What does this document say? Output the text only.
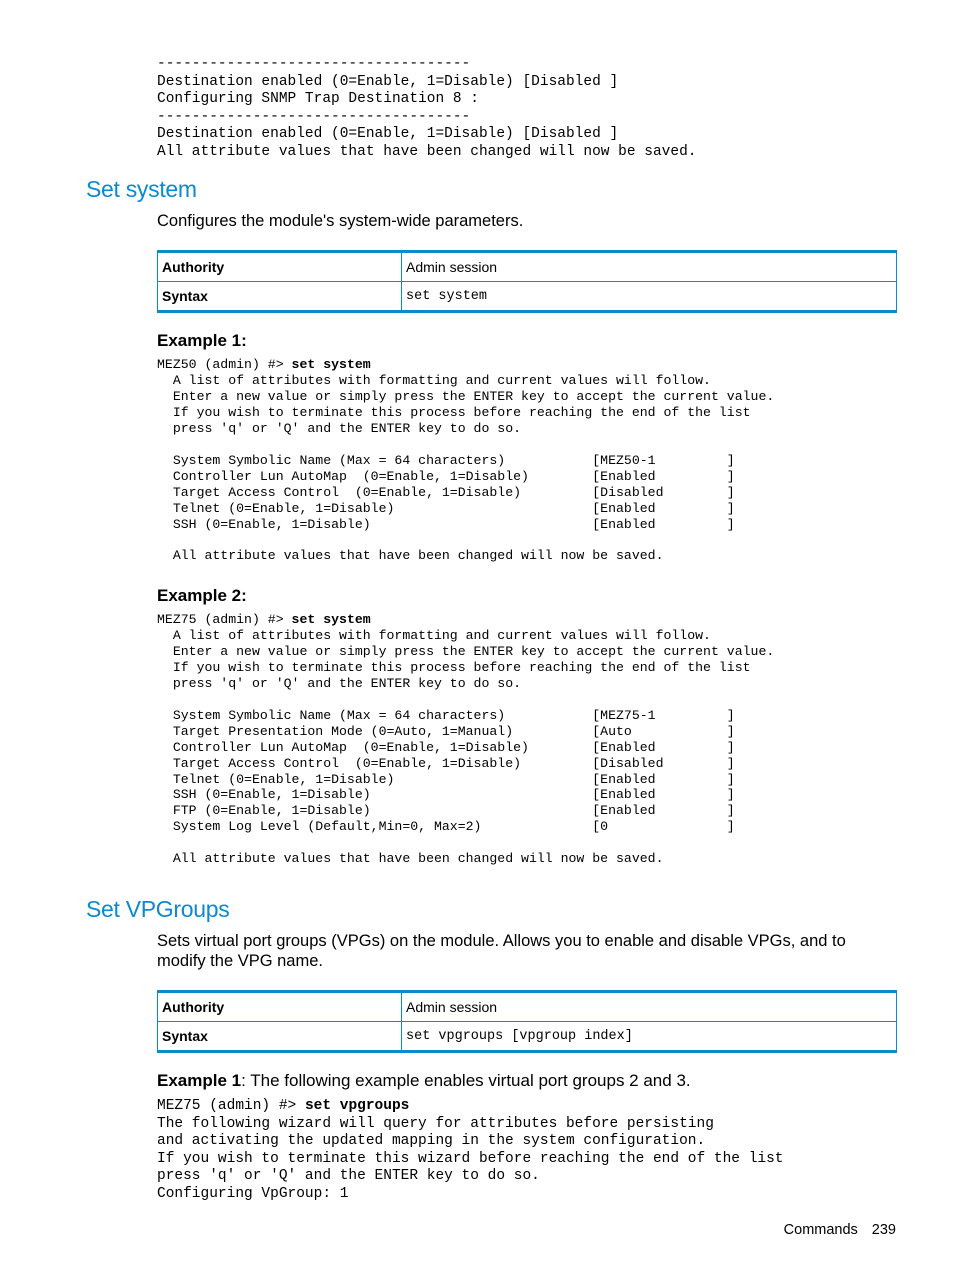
------------------------------------
Destination enabled (0=Enable, 1=Disable) [Disabled ]
Configuring SNMP Trap Destination 8 :
------------------------------------
Destination enabled (0=Enable, 1=Disable) [Disabled ]
All attribute values that have been changed will now be saved.
Set system

Configures the module's system-wide parameters.

Authority	Admin session
Syntax	set system

Example 1:

MEZ50 (admin) #> set system
A list of attributes with formatting and current values will follow.
Enter a new value or simply press the ENTER key to accept the current value.
If you wish to terminate this process before reaching the end of the list
press 'q' or 'Q' and the ENTER key to do so.

System Symbolic Name (Max = 64 characters)           [MEZ50-1         ]
Controller Lun AutoMap  (0=Enable, 1=Disable)        [Enabled         ]
Target Access Control  (0=Enable, 1=Disable)         [Disabled        ]
Telnet (0=Enable, 1=Disable)                         [Enabled         ]
SSH (0=Enable, 1=Disable)                            [Enabled         ]

All attribute values that have been changed will now be saved.

Example 2:

MEZ75 (admin) #> set system
A list of attributes with formatting and current values will follow.
Enter a new value or simply press the ENTER key to accept the current value.
If you wish to terminate this process before reaching the end of the list
press 'q' or 'Q' and the ENTER key to do so.

System Symbolic Name (Max = 64 characters)           [MEZ75-1         ]
Target Presentation Mode (0=Auto, 1=Manual)          [Auto            ]
Controller Lun AutoMap  (0=Enable, 1=Disable)        [Enabled         ]
Target Access Control  (0=Enable, 1=Disable)         [Disabled        ]
Telnet (0=Enable, 1=Disable)                         [Enabled         ]
SSH (0=Enable, 1=Disable)                            [Enabled         ]
FTP (0=Enable, 1=Disable)                            [Enabled         ]
System Log Level (Default,Min=0, Max=2)              [0               ]

All attribute values that have been changed will now be saved.
Set VPGroups

Sets virtual port groups (VPGs) on the module. Allows you to enable and disable VPGs, and to modify the VPG name.

Authority	Admin session
Syntax	set vpgroups [vpgroup index]

Example 1: The following example enables virtual port groups 2 and 3.

MEZ75 (admin) #> set vpgroups
The following wizard will query for attributes before persisting
and activating the updated mapping in the system configuration.
If you wish to terminate this wizard before reaching the end of the list
press 'q' or 'Q' and the ENTER key to do so.
Configuring VpGroup: 1
Commands 239
